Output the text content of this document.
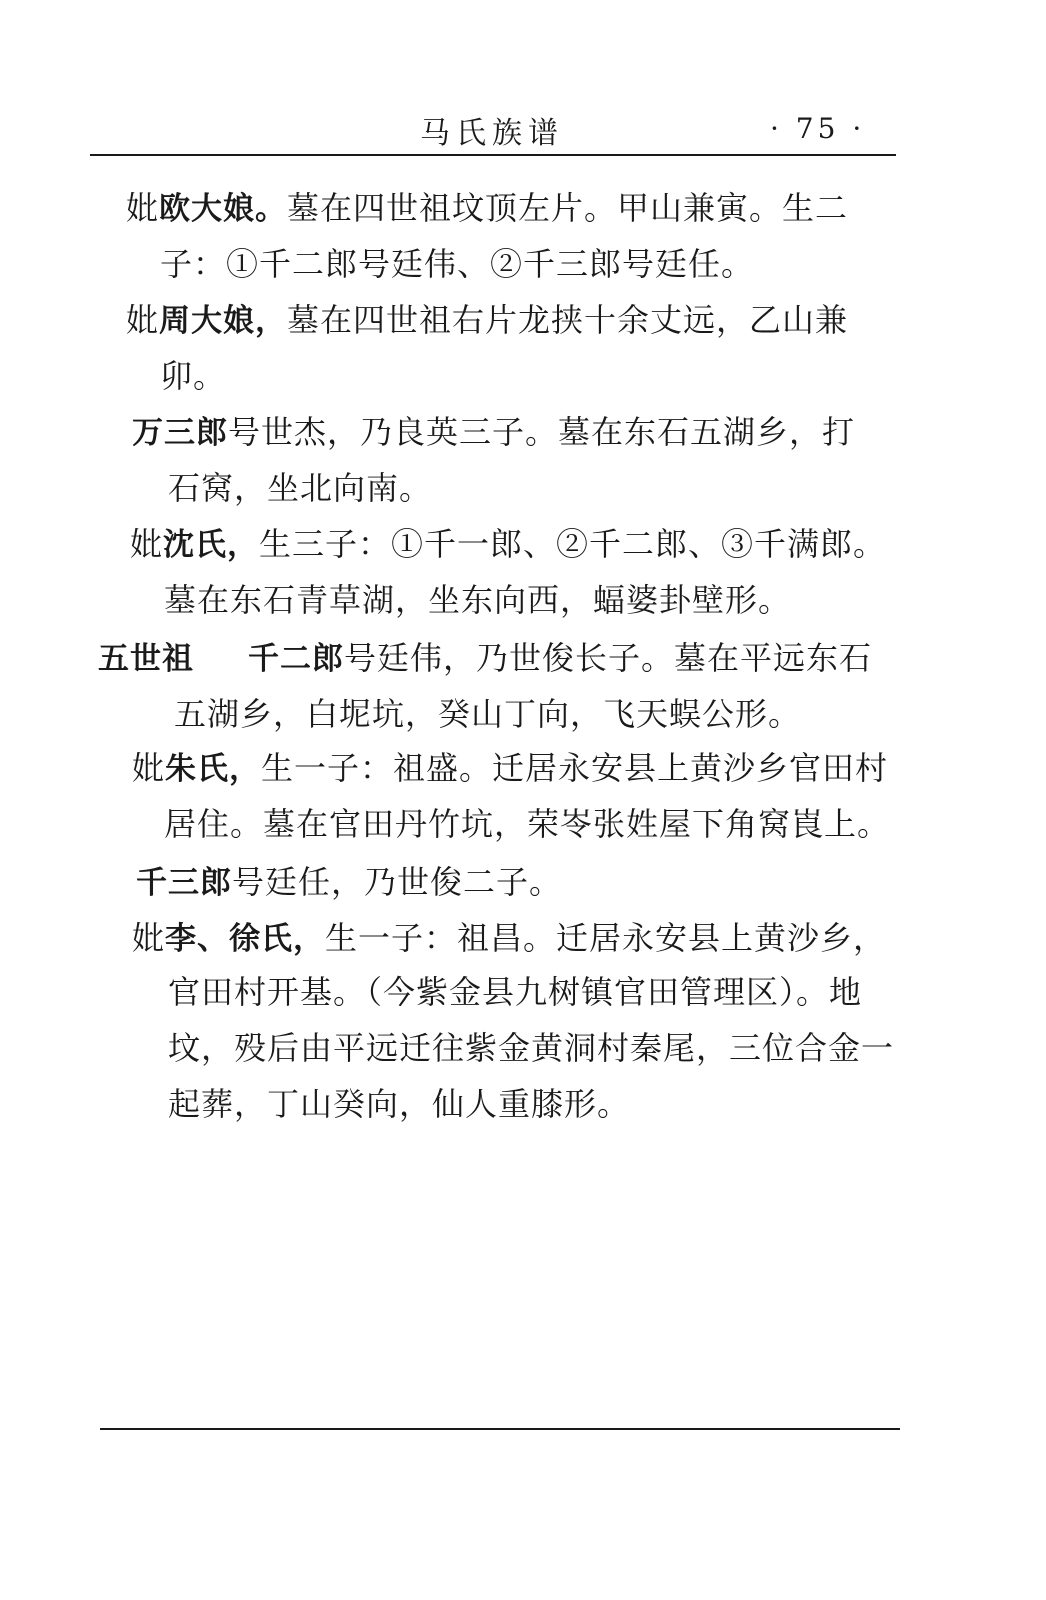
马氏族谱	· 75 ·
妣欧大娘。墓在四世祖坟顶左片。甲山兼寅。生二
子：①千二郎号廷伟、②千三郎号廷任。
妣周大娘，墓在四世祖右片龙挟十余丈远，乙山兼
卯。
万三郎号世杰，乃良英三子。墓在东石五湖乡，打
石窝，坐北向南。
妣沈氏，生三子：①千一郎、②千二郎、③千满郎。
墓在东石青草湖，坐东向西，蝠婆卦壁形。
五世祖 千二郎号廷伟，乃世俊长子。墓在平远东石
五湖乡，白坭坑，癸山丁向，飞天蜈公形。
妣朱氏，生一子：祖盛。迁居永安县上黄沙乡官田村
居住。墓在官田丹竹坑，荣岺张姓屋下角窝崀上。
千三郎号廷任，乃世俊二子。
妣李、徐氏，生一子：祖昌。迁居永安县上黄沙乡，
官田村开基。（今紫金县九树镇官田管理区）。地
坟，殁后由平远迁往紫金黄洞村秦尾，三位合金一
起葬，丁山癸向，仙人重膝形。
